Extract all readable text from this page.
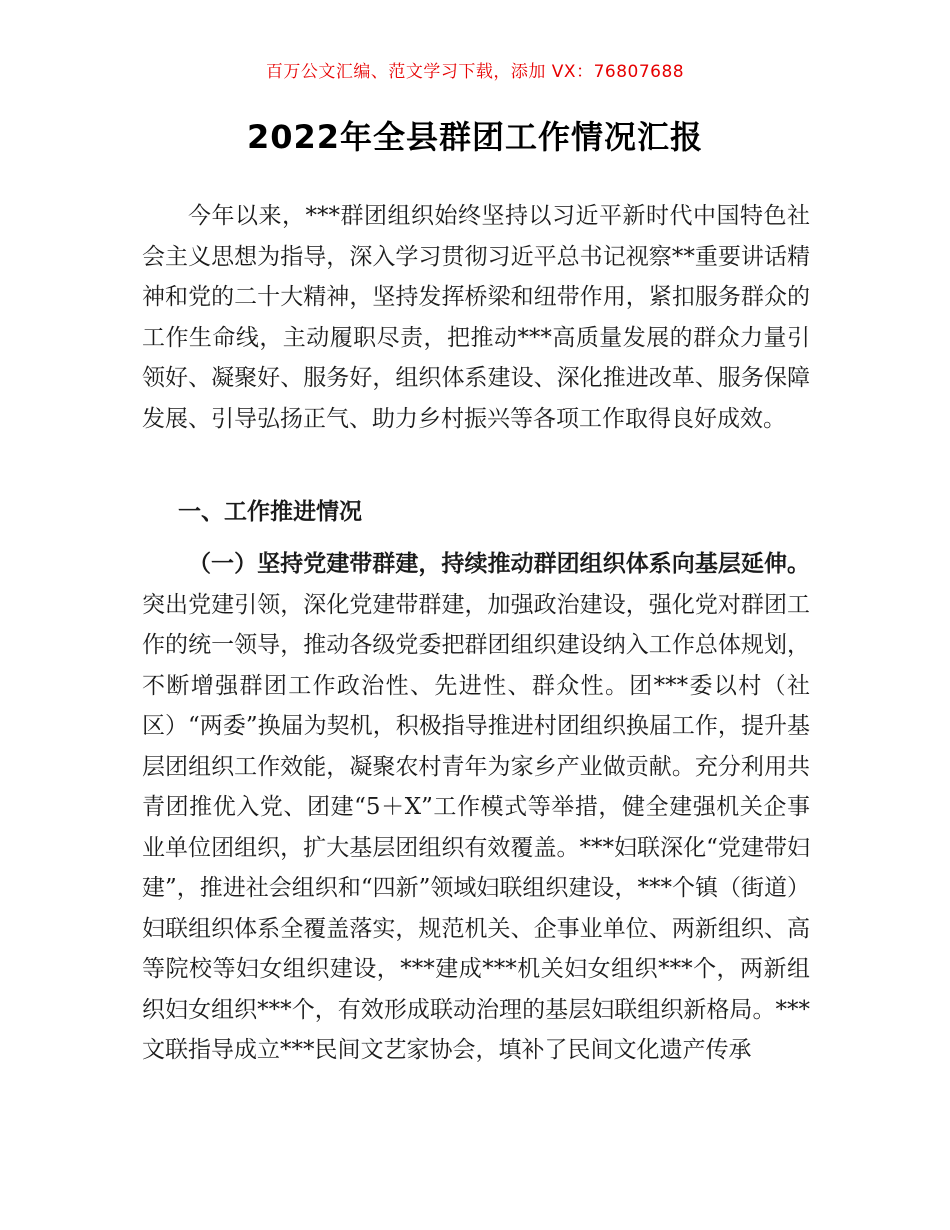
百万公文汇编、范文学习下载，添加 VX：76807688
2022年全县群团工作情况汇报

今年以来，***群团组织始终坚持以习近平新时代中国特色社会主义思想为指导，深入学习贯彻习近平总书记视察**重要讲话精神和党的二十大精神，坚持发挥桥梁和纽带作用，紧扣服务群众的工作生命线，主动履职尽责，把推动***高质量发展的群众力量引领好、凝聚好、服务好，组织体系建设、深化推进改革、服务保障发展、引导弘扬正气、助力乡村振兴等各项工作取得良好成效。

一、工作推进情况

（一）坚持党建带群建，持续推动群团组织体系向基层延伸。突出党建引领，深化党建带群建，加强政治建设，强化党对群团工作的统一领导，推动各级党委把群团组织建设纳入工作总体规划，不断增强群团工作政治性、先进性、群众性。团***委以村（社区）“两委”换届为契机，积极指导推进村团组织换届工作，提升基层团组织工作效能，凝聚农村青年为家乡产业做贡献。充分利用共青团推优入党、团建“5＋X”工作模式等举措，健全建强机关企事业单位团组织，扩大基层团组织有效覆盖。***妇联深化“党建带妇建”，推进社会组织和“四新”领域妇联组织建设，***个镇（街道）妇联组织体系全覆盖落实，规范机关、企事业单位、两新组织、高等院校等妇女组织建设，***建成***机关妇女组织***个，两新组织妇女组织***个，有效形成联动治理的基层妇联组织新格局。***文联指导成立***民间文艺家协会，填补了民间文化遗产传承
